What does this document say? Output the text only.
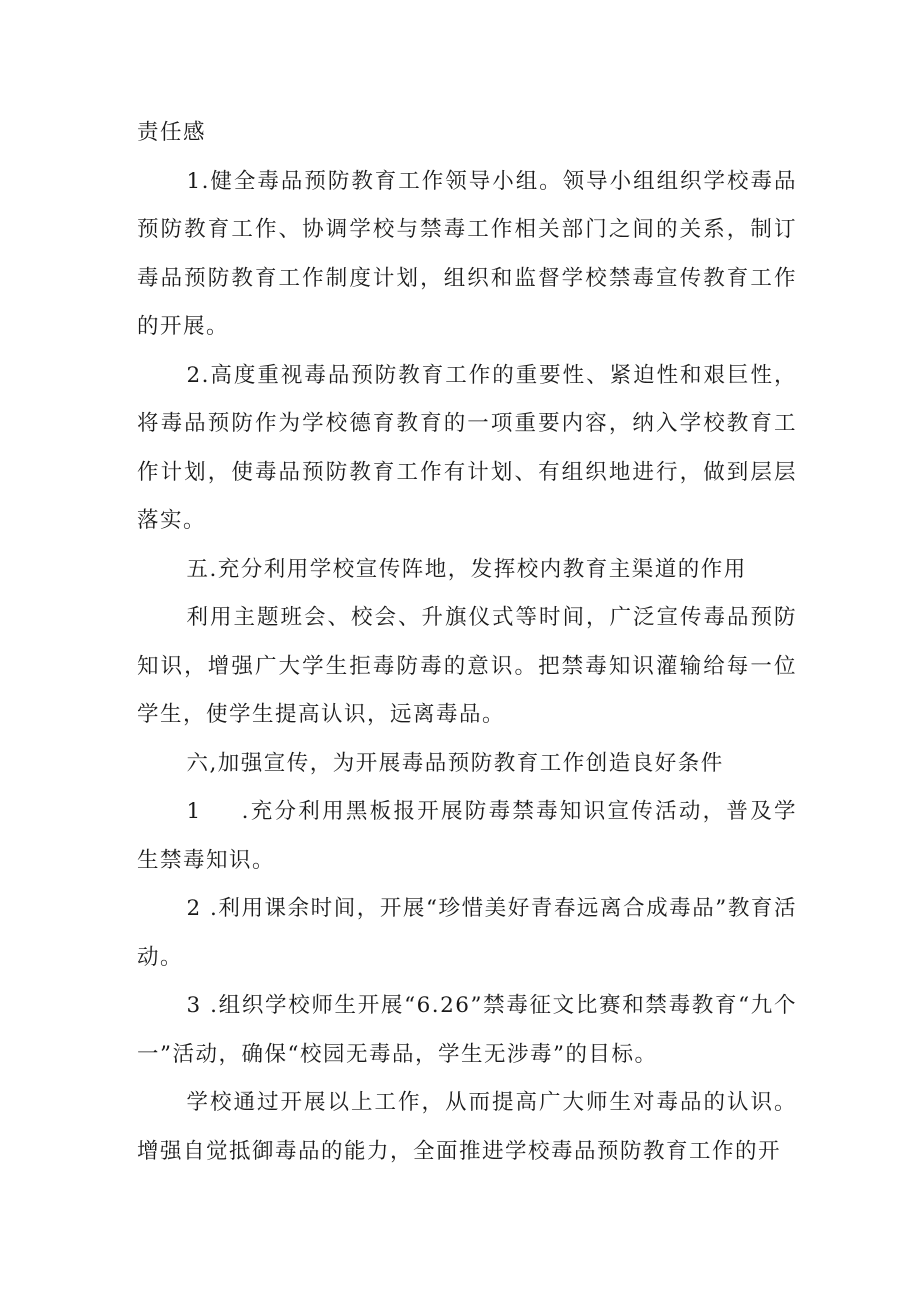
责任感

1.健全毒品预防教育工作领导小组。领导小组组织学校毒品预防教育工作、协调学校与禁毒工作相关部门之间的关系，制订毒品预防教育工作制度计划，组织和监督学校禁毒宣传教育工作的开展。

2.高度重视毒品预防教育工作的重要性、紧迫性和艰巨性，将毒品预防作为学校德育教育的一项重要内容，纳入学校教育工作计划，使毒品预防教育工作有计划、有组织地进行，做到层层落实。

五.充分利用学校宣传阵地，发挥校内教育主渠道的作用

利用主题班会、校会、升旗仪式等时间，广泛宣传毒品预防知识，增强广大学生拒毒防毒的意识。把禁毒知识灌输给每一位学生，使学生提高认识，远离毒品。

六,加强宣传，为开展毒品预防教育工作创造良好条件

1 .充分利用黑板报开展防毒禁毒知识宣传活动，普及学生禁毒知识。

2 .利用课余时间，开展“珍惜美好青春远离合成毒品”教育活动。

3 .组织学校师生开展“6.26”禁毒征文比赛和禁毒教育“九个一”活动，确保“校园无毒品，学生无涉毒”的目标。

学校通过开展以上工作，从而提高广大师生对毒品的认识。增强自觉抵御毒品的能力，全面推进学校毒品预防教育工作的开
